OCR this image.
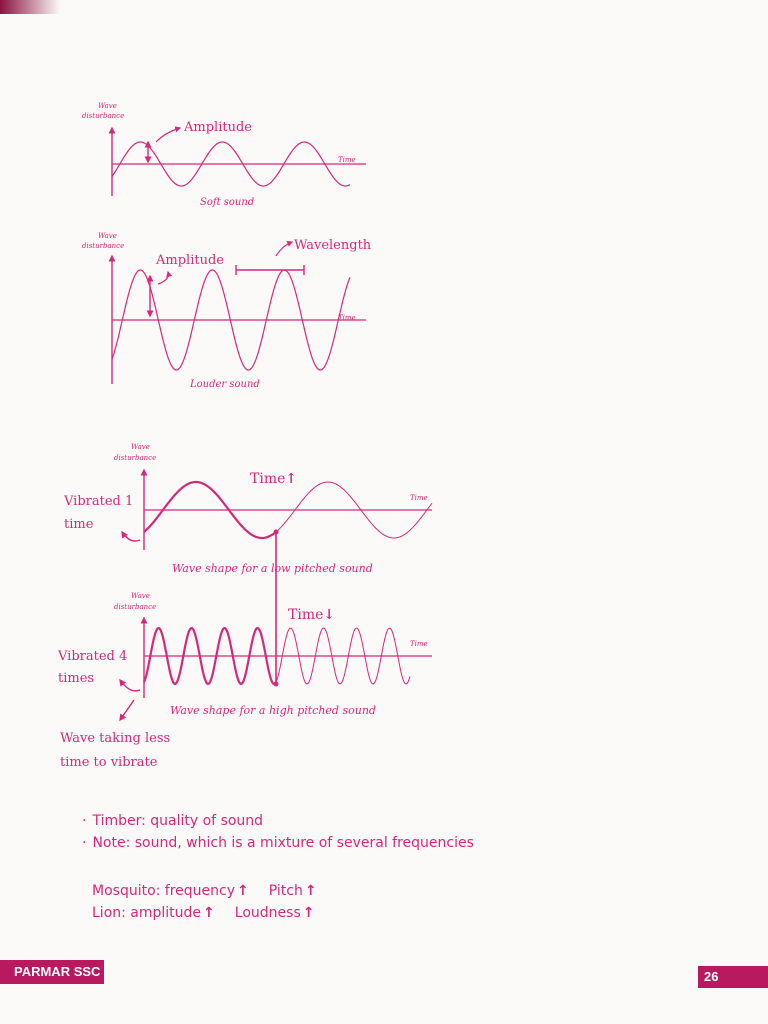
Wave
disturbance
Time
Amplitude
Soft sound
Wave
disturbance
Time
Amplitude
Wavelength
Louder sound
Wave
disturbance
Time
Time↑
Vibrated 1
time
Wave shape for a low pitched sound
Wave
disturbance
Time
Time↓
Vibrated 4
times
Wave taking less
time to vibrate
Wave shape for a high pitched sound
· Timber: quality of sound
· Note: sound, which is a mixture of several frequencies
Mosquito: frequency ↑ Pitch ↑
Lion: amplitude ↑ Loudness ↑
PARMAR SSC	26
